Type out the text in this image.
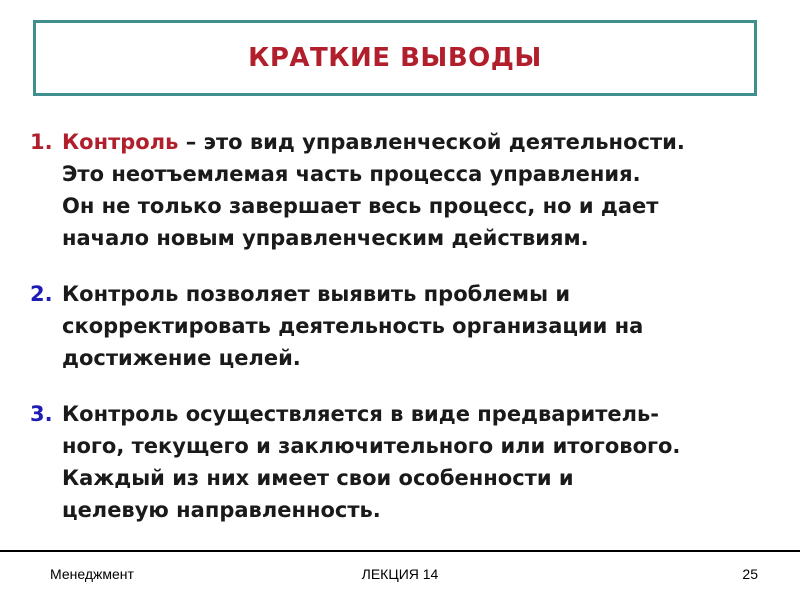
КРАТКИЕ ВЫВОДЫ
1. Контроль – это вид управленческой деятельности.
Это неотъемлемая часть процесса управления.
Он не только завершает весь процесс, но и дает
начало новым управленческим действиям.
2. Контроль позволяет выявить проблемы и
скорректировать деятельность организации на
достижение целей.
3. Контроль осуществляется в виде предваритель-
ного, текущего и заключительного или итогового.
Каждый из них имеет свои особенности и
целевую направленность.
Менеджмент	ЛЕКЦИЯ 14	25
